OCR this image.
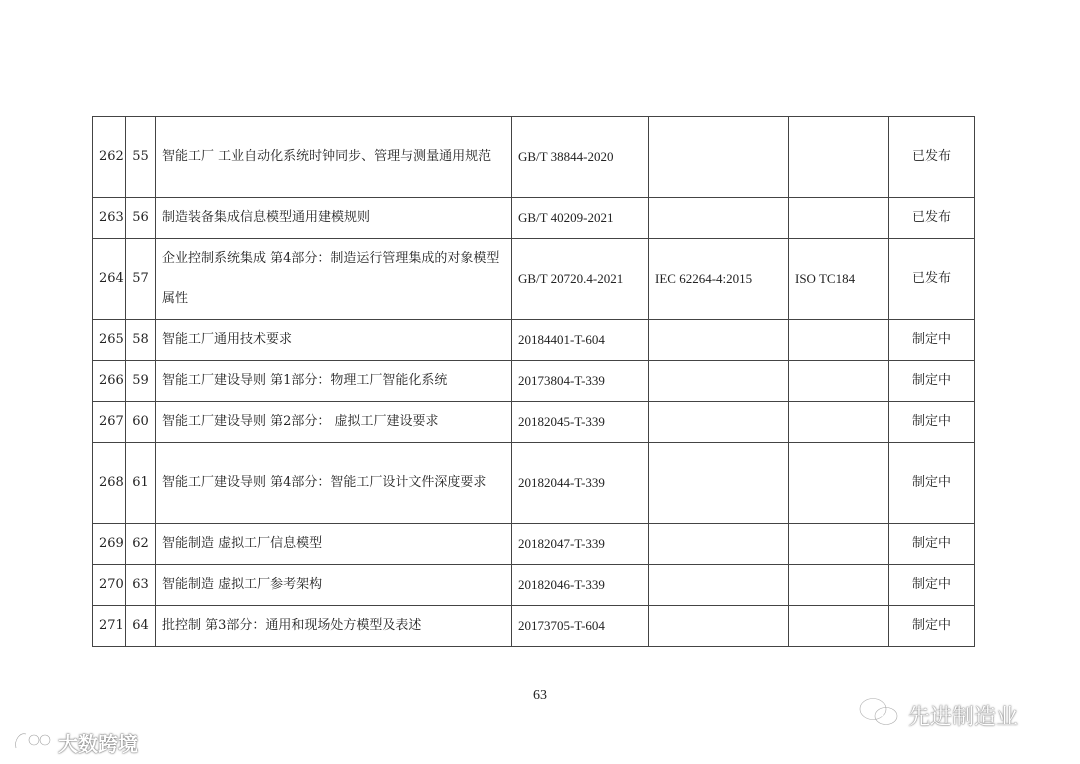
262	55	智能工厂 工业自动化系统时钟同步、管理与测量通用规范	GB/T 38844-2020			已发布
263	56	制造装备集成信息模型通用建模规则	GB/T 40209-2021			已发布
264	57	企业控制系统集成 第4部分：制造运行管理集成的对象模型属性	GB/T 20720.4-2021	IEC 62264-4:2015	ISO TC184	已发布
265	58	智能工厂通用技术要求	20184401-T-604			制定中
266	59	智能工厂建设导则 第1部分：物理工厂智能化系统	20173804-T-339			制定中
267	60	智能工厂建设导则 第2部分： 虚拟工厂建设要求	20182045-T-339			制定中
268	61	智能工厂建设导则 第4部分：智能工厂设计文件深度要求	20182044-T-339			制定中
269	62	智能制造 虚拟工厂信息模型	20182047-T-339			制定中
270	63	智能制造 虚拟工厂参考架构	20182046-T-339			制定中
271	64	批控制 第3部分：通用和现场处方模型及表述	20173705-T-604			制定中
63
先进制造业
大数跨境
